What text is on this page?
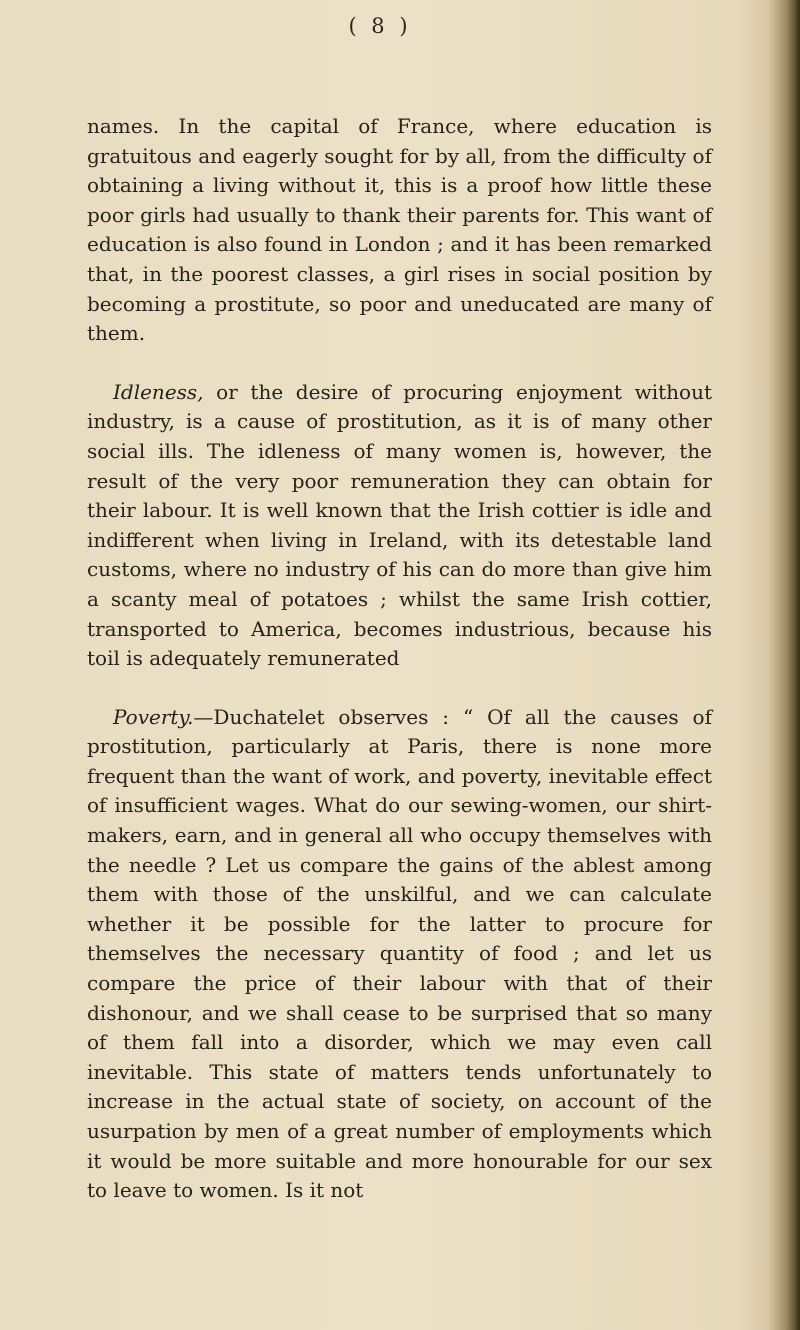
( 8 )

names. In the capital of France, where education is gratuitous and eagerly sought for by all, from the difficulty of obtaining a living without it, this is a proof how little these poor girls had usually to thank their parents for. This want of education is also found in London ; and it has been remarked that, in the poorest classes, a girl rises in social position by becoming a prostitute, so poor and uneducated are many of them.

Idleness, or the desire of procuring enjoyment without industry, is a cause of prostitution, as it is of many other social ills. The idleness of many women is, however, the result of the very poor remuneration they can obtain for their labour. It is well known that the Irish cottier is idle and indifferent when living in Ireland, with its detestable land customs, where no industry of his can do more than give him a scanty meal of potatoes ; whilst the same Irish cottier, transported to America, becomes industrious, because his toil is adequately remunerated

Poverty.—Duchatelet observes : “ Of all the causes of prostitution, particularly at Paris, there is none more frequent than the want of work, and poverty, inevitable effect of insufficient wages. What do our sewing-women, our shirt-makers, earn, and in general all who occupy themselves with the needle ? Let us compare the gains of the ablest among them with those of the unskilful, and we can calculate whether it be possible for the latter to procure for themselves the necessary quantity of food ; and let us compare the price of their labour with that of their dishonour, and we shall cease to be surprised that so many of them fall into a disorder, which we may even call inevitable. This state of matters tends unfortunately to increase in the actual state of society, on account of the usurpation by men of a great number of employments which it would be more suitable and more honourable for our sex to leave to women. Is it not
